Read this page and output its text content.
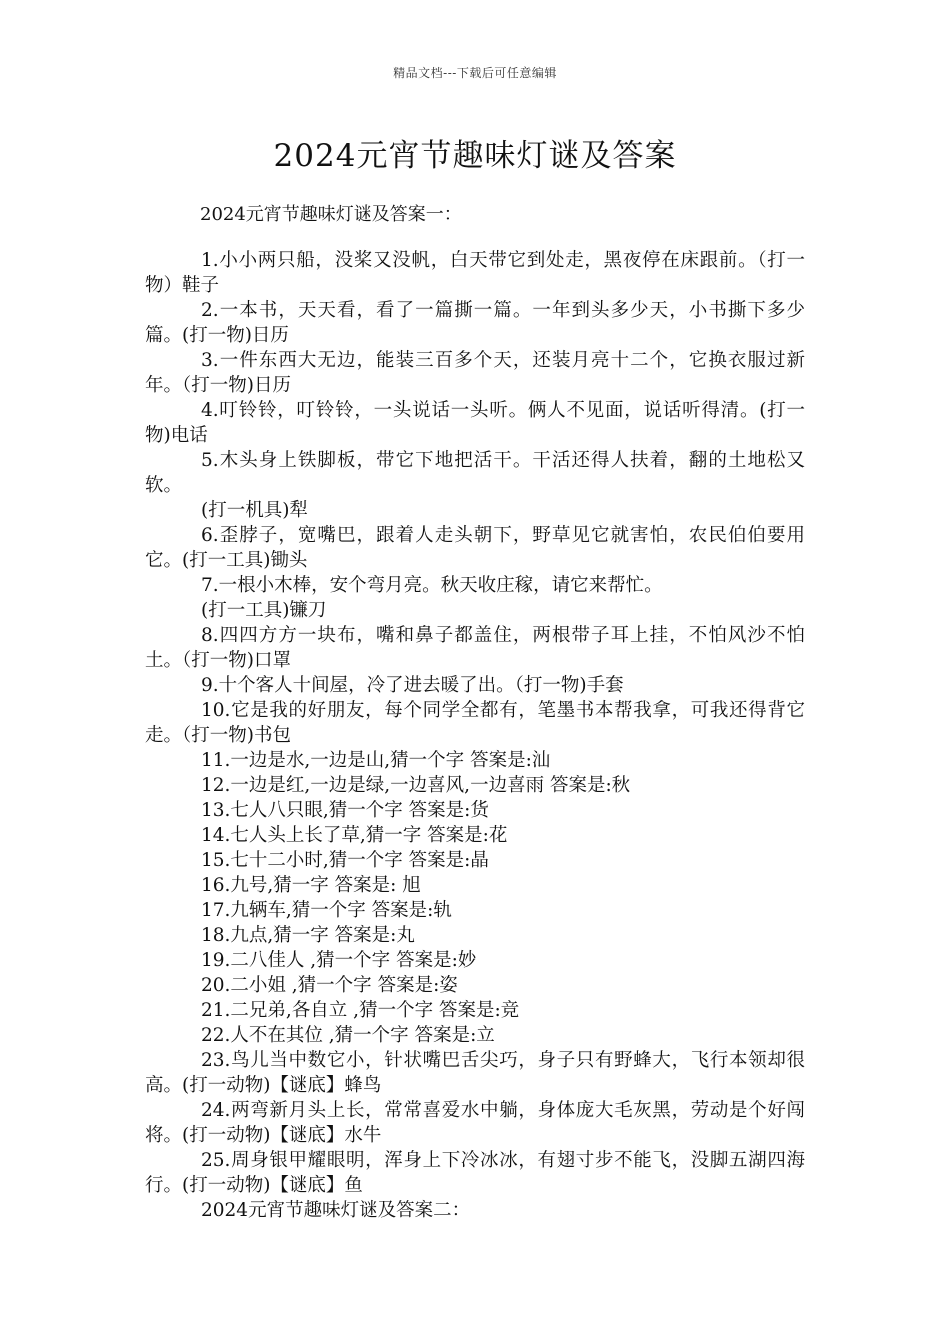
精品文档---下载后可任意编辑
2024元宵节趣味灯谜及答案

2024元宵节趣味灯谜及答案一：

1.小小两只船，没桨又没帆，白天带它到处走，黑夜停在床跟前。（打一物）鞋子

2.一本书，天天看，看了一篇撕一篇。一年到头多少天，小书撕下多少篇。(打一物)日历

3.一件东西大无边，能装三百多个天，还装月亮十二个，它换衣服过新年。（打一物)日历

4.叮铃铃，叮铃铃，一头说话一头听。俩人不见面，说话听得清。(打一物)电话

5.木头身上铁脚板，带它下地把活干。干活还得人扶着，翻的土地松又软。

(打一机具)犁

6.歪脖子，宽嘴巴，跟着人走头朝下，野草见它就害怕，农民伯伯要用它。(打一工具)锄头

7.一根小木棒，安个弯月亮。秋天收庄稼，请它来帮忙。

(打一工具)镰刀

8.四四方方一块布，嘴和鼻子都盖住，两根带子耳上挂，不怕风沙不怕土。（打一物)口罩

9.十个客人十间屋，冷了进去暖了出。（打一物)手套

10.它是我的好朋友，每个同学全都有，笔墨书本帮我拿，可我还得背它走。（打一物)书包

11.一边是水,一边是山,猜一个字 答案是:汕

12.一边是红,一边是绿,一边喜风,一边喜雨 答案是:秋

13.七人八只眼,猜一个字 答案是:货

14.七人头上长了草,猜一字 答案是:花

15.七十二小时,猜一个字 答案是:晶

16.九号,猜一字 答案是: 旭

17.九辆车,猜一个字 答案是:轨

18.九点,猜一字 答案是:丸

19.二八佳人 ,猜一个字 答案是:妙

20.二小姐 ,猜一个字 答案是:姿

21.二兄弟,各自立 ,猜一个字 答案是:竞

22.人不在其位 ,猜一个字 答案是:立

23.鸟儿当中数它小，针状嘴巴舌尖巧，身子只有野蜂大，飞行本领却很高。(打一动物)【谜底】蜂鸟

24.两弯新月头上长，常常喜爱水中躺，身体庞大毛灰黑，劳动是个好闯将。(打一动物)【谜底】水牛

25.周身银甲耀眼明，浑身上下冷冰冰，有翅寸步不能飞，没脚五湖四海行。(打一动物)【谜底】鱼

2024元宵节趣味灯谜及答案二：
